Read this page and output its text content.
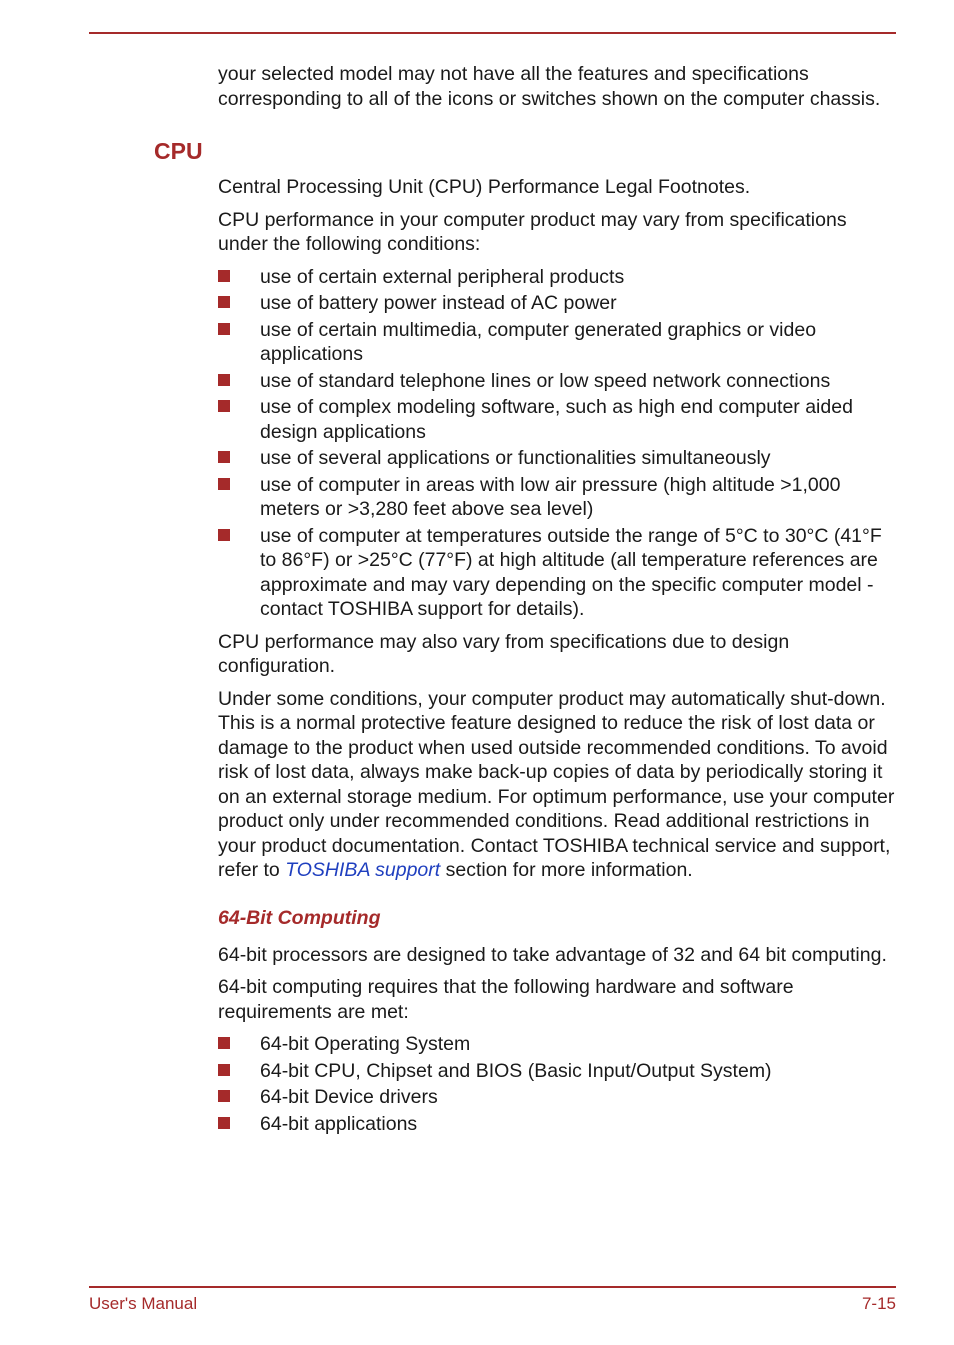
your selected model may not have all the features and specifications corresponding to all of the icons or switches shown on the computer chassis.

CPU

Central Processing Unit (CPU) Performance Legal Footnotes.

CPU performance in your computer product may vary from specifications under the following conditions:

use of certain external peripheral products
use of battery power instead of AC power
use of certain multimedia, computer generated graphics or video applications
use of standard telephone lines or low speed network connections
use of complex modeling software, such as high end computer aided design applications
use of several applications or functionalities simultaneously
use of computer in areas with low air pressure (high altitude >1,000 meters or >3,280 feet above sea level)
use of computer at temperatures outside the range of 5°C to 30°C (41°F to 86°F) or >25°C (77°F) at high altitude (all temperature references are approximate and may vary depending on the specific computer model - contact TOSHIBA support for details).

CPU performance may also vary from specifications due to design configuration.

Under some conditions, your computer product may automatically shut-down. This is a normal protective feature designed to reduce the risk of lost data or damage to the product when used outside recommended conditions. To avoid risk of lost data, always make back-up copies of data by periodically storing it on an external storage medium. For optimum performance, use your computer product only under recommended conditions. Read additional restrictions in your product documentation. Contact TOSHIBA technical service and support, refer to TOSHIBA support section for more information.

64-Bit Computing

64-bit processors are designed to take advantage of 32 and 64 bit computing.

64-bit computing requires that the following hardware and software requirements are met:

64-bit Operating System
64-bit CPU, Chipset and BIOS (Basic Input/Output System)
64-bit Device drivers
64-bit applications
User's Manual	7-15
